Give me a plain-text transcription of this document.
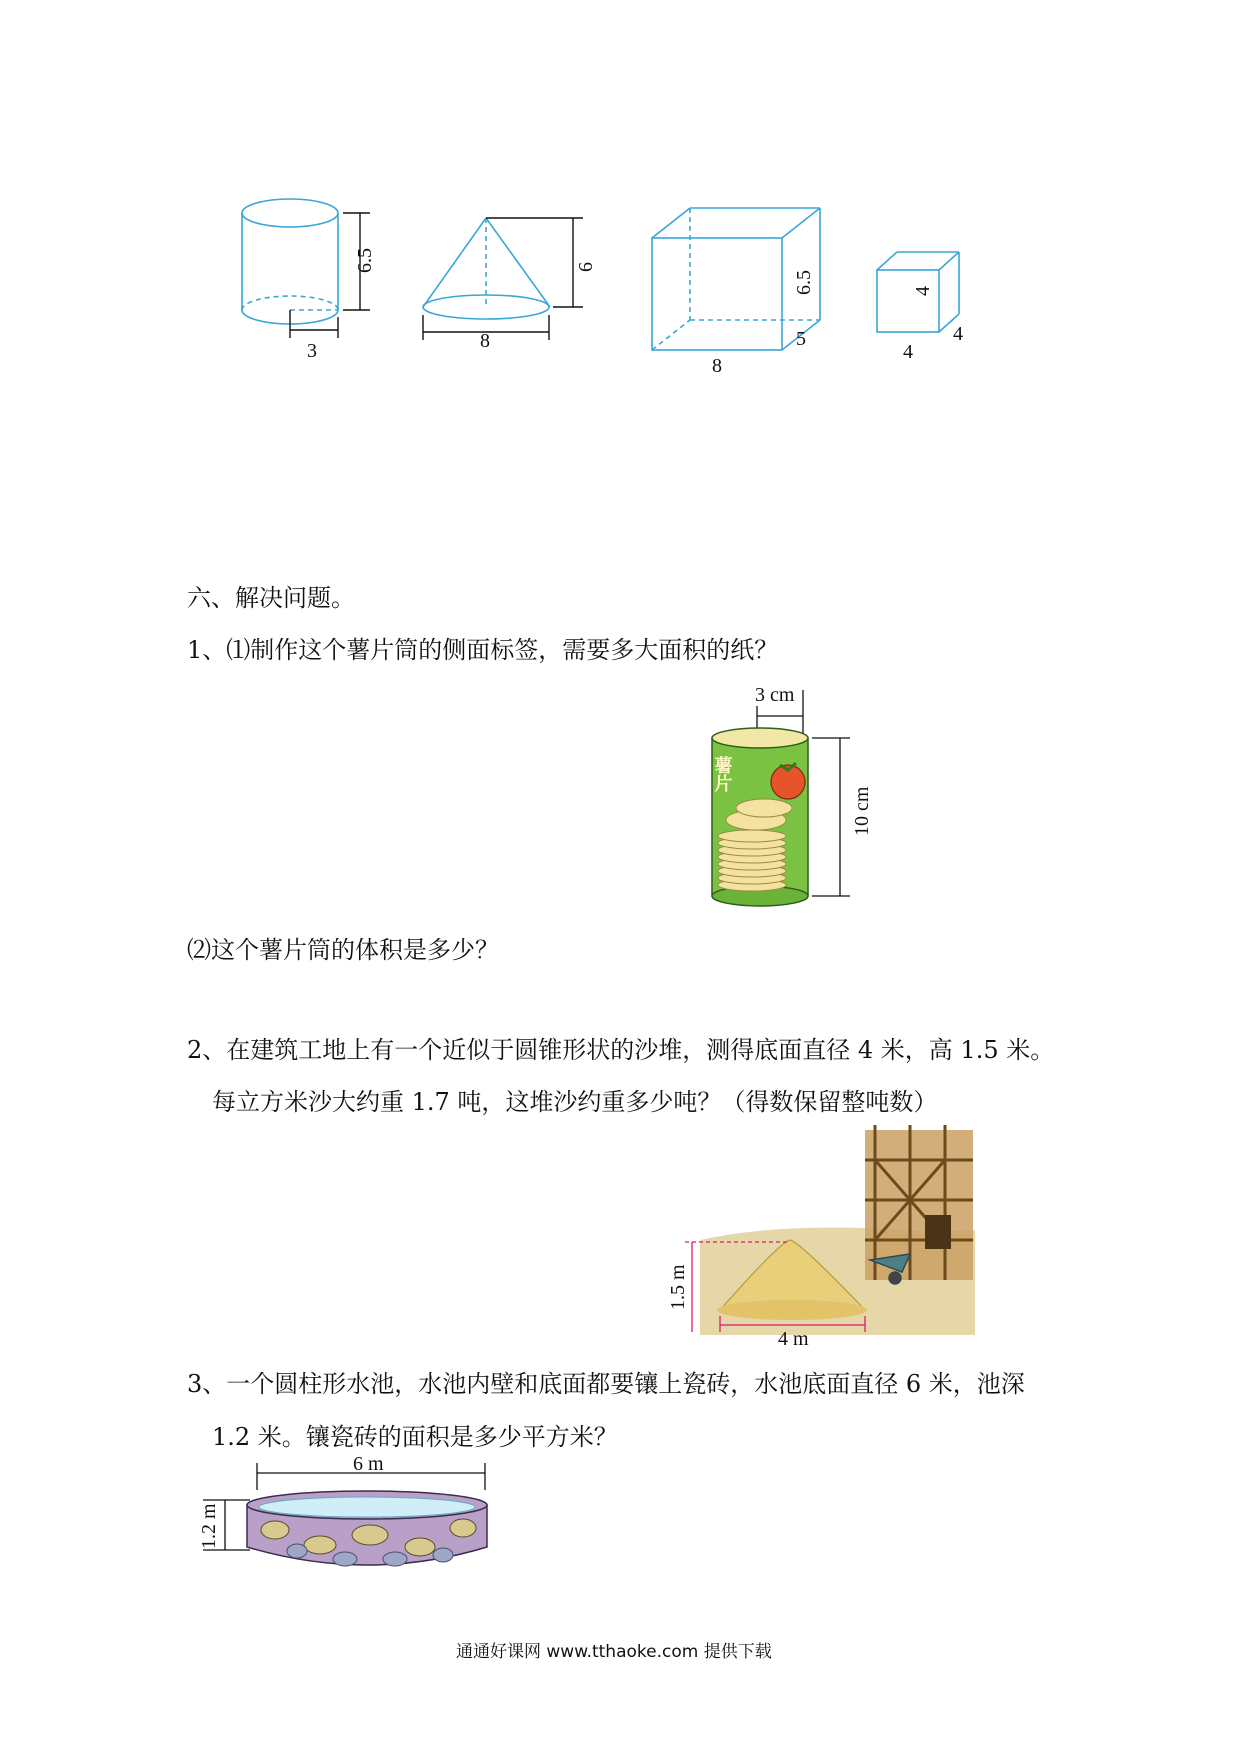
3
6.5
8
6
8
5
6.5
4
4
4
六、解决问题。
1、⑴制作这个薯片筒的侧面标签，需要多大面积的纸？
3 cm
10 cm
薯片
⑵这个薯片筒的体积是多少？
2、在建筑工地上有一个近似于圆锥形状的沙堆，测得底面直径 4 米，高 1.5 米。
每立方米沙大约重 1.7 吨，这堆沙约重多少吨？（得数保留整吨数）
4 m
1.5 m
3、一个圆柱形水池，水池内壁和底面都要镶上瓷砖，水池底面直径 6 米，池深
1.2 米。镶瓷砖的面积是多少平方米？
6 m
1.2 m
通通好课网 www.tthaoke.com 提供下载
